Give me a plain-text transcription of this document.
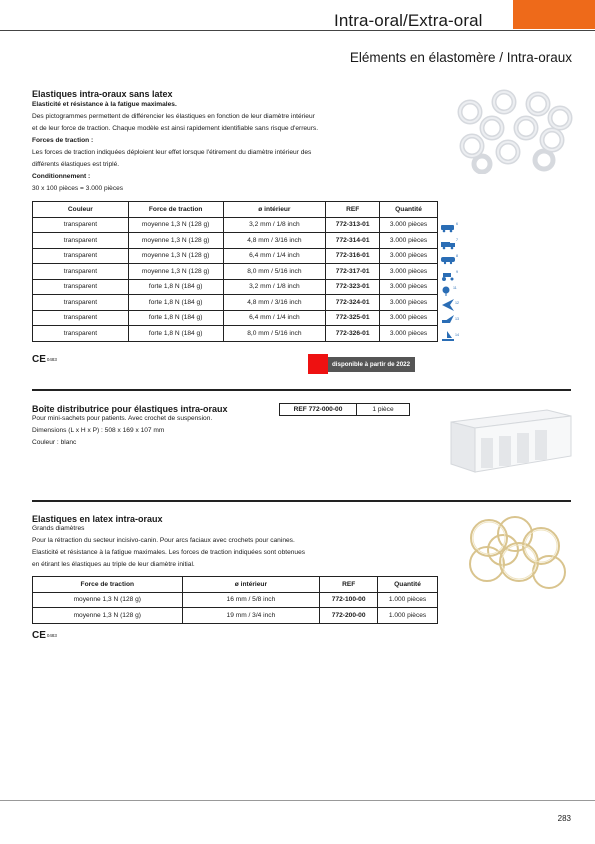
Intra-oral/Extra-oral
Eléments en élastomère / Intra-oraux
Elastiques intra-oraux sans latex
Elasticité et résistance à la fatigue maximales.
Des pictogrammes permettent de différencier les élastiques en fonction de leur diamètre intérieur
et de leur force de traction. Chaque modèle est ainsi rapidement identifiable sans risque d'erreurs.
Forces de traction :
Les forces de traction indiquées déploient leur effet lorsque l'étirement du diamètre intérieur des
différents élastiques est triplé.
Conditionnement :
30 x 100 pièces = 3.000 pièces
Couleur	Force de traction	ø intérieur	REF	Quantité
transparent	moyenne 1,3 N (128 g)	3,2 mm / 1/8 inch	772-313-01	3.000 pièces
transparent	moyenne 1,3 N (128 g)	4,8 mm / 3/16 inch	772-314-01	3.000 pièces
transparent	moyenne 1,3 N (128 g)	6,4 mm / 1/4 inch	772-316-01	3.000 pièces
transparent	moyenne 1,3 N (128 g)	8,0 mm / 5/16 inch	772-317-01	3.000 pièces
transparent	forte 1,8 N (184 g)	3,2 mm / 1/8 inch	772-323-01	3.000 pièces
transparent	forte 1,8 N (184 g)	4,8 mm / 3/16 inch	772-324-01	3.000 pièces
transparent	forte 1,8 N (184 g)	6,4 mm / 1/4 inch	772-325-01	3.000 pièces
transparent	forte 1,8 N (184 g)	8,0 mm / 5/16 inch	772-326-01	3.000 pièces
6
7
8
9
11
12
13
14
CE0483
disponible à partir de 2022
Boîte distributrice pour élastiques intra-oraux	REF 772-000-00	1 pièce
Pour mini-sachets pour patients. Avec crochet de suspension.
Dimensions (L x H x P) : 508 x 169 x 107 mm
Couleur : blanc
Elastiques en latex intra-oraux
Grands diamètres
Pour la rétraction du secteur incisivo-canin. Pour arcs faciaux avec crochets pour canines.
Elasticité et résistance à la fatigue maximales. Les forces de traction indiquées sont obtenues
en étirant les élastiques au triple de leur diamètre initial.
Force de traction	ø intérieur	REF	Quantité
moyenne 1,3 N (128 g)	16 mm / 5/8 inch	772-100-00	1.000 pièces
moyenne 1,3 N (128 g)	19 mm / 3/4 inch	772-200-00	1.000 pièces
CE0483
283
